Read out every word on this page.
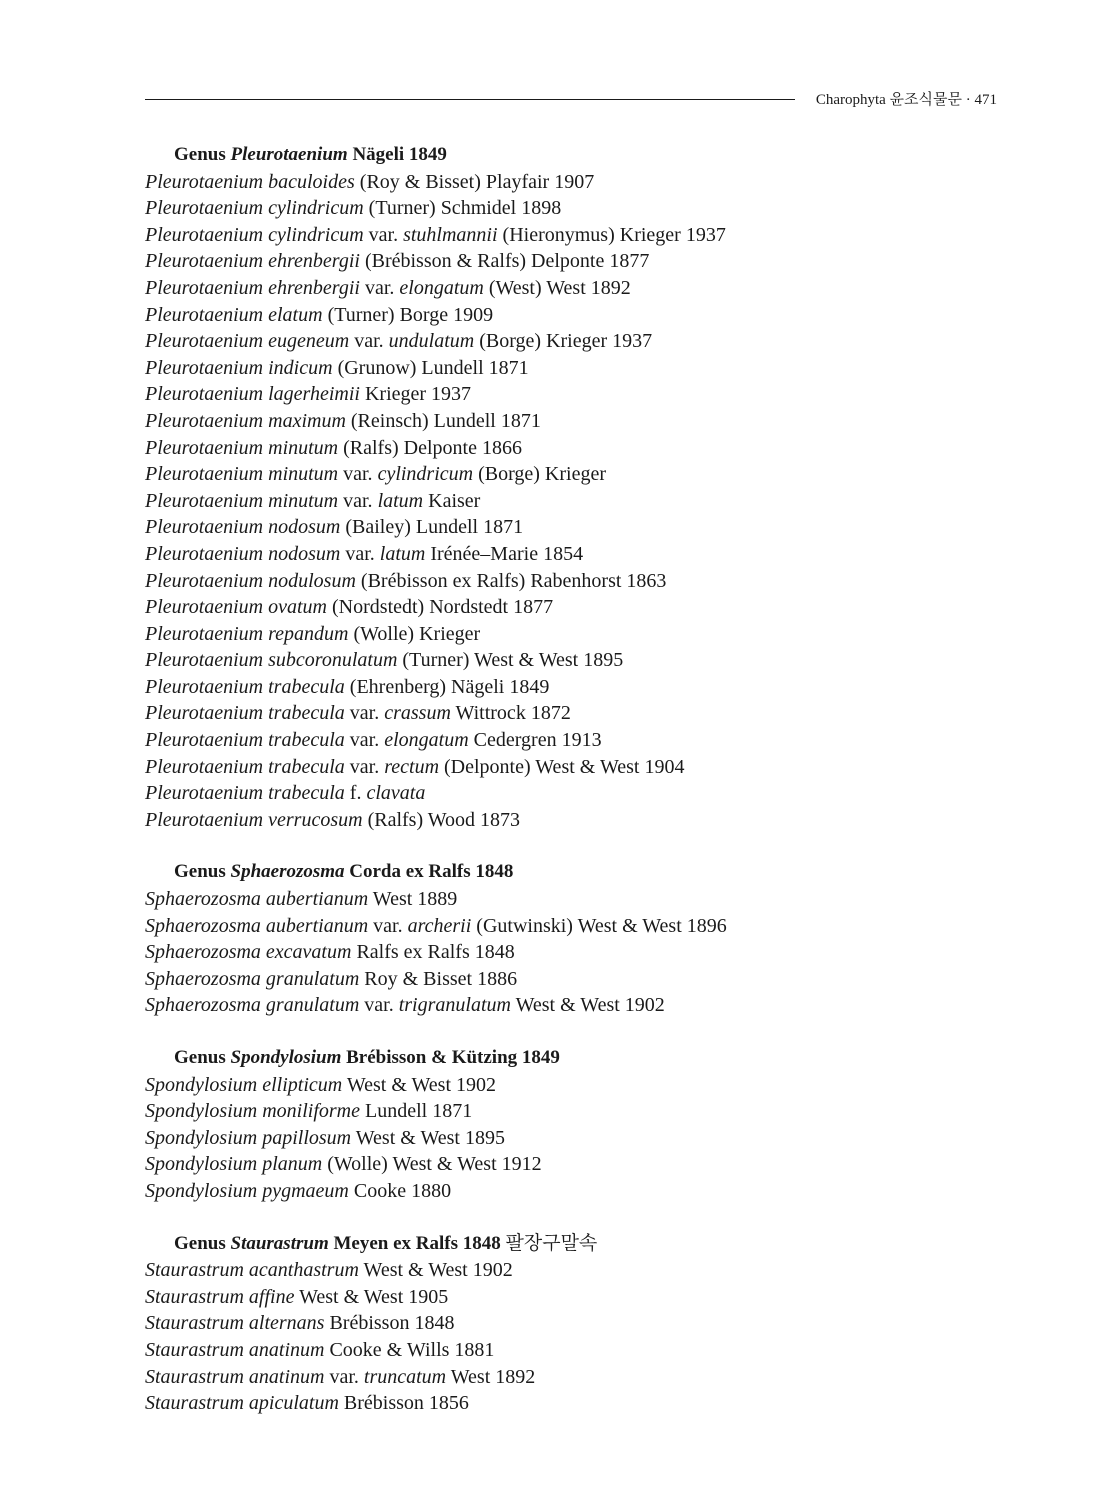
Charophyta 윤조식물문 · 471
Genus Pleurotaenium Nägeli 1849
Pleurotaenium baculoides (Roy & Bisset) Playfair 1907
Pleurotaenium cylindricum (Turner) Schmidel 1898
Pleurotaenium cylindricum var. stuhlmannii (Hieronymus) Krieger 1937
Pleurotaenium ehrenbergii (Brébisson & Ralfs) Delponte 1877
Pleurotaenium ehrenbergii var. elongatum (West) West 1892
Pleurotaenium elatum (Turner) Borge 1909
Pleurotaenium eugeneum var. undulatum (Borge) Krieger 1937
Pleurotaenium indicum (Grunow) Lundell 1871
Pleurotaenium lagerheimii Krieger 1937
Pleurotaenium maximum (Reinsch) Lundell 1871
Pleurotaenium minutum (Ralfs) Delponte 1866
Pleurotaenium minutum var. cylindricum (Borge) Krieger
Pleurotaenium minutum var. latum Kaiser
Pleurotaenium nodosum (Bailey) Lundell 1871
Pleurotaenium nodosum var. latum Irénée–Marie 1854
Pleurotaenium nodulosum (Brébisson ex Ralfs) Rabenhorst 1863
Pleurotaenium ovatum (Nordstedt) Nordstedt 1877
Pleurotaenium repandum (Wolle) Krieger
Pleurotaenium subcoronulatum (Turner) West & West 1895
Pleurotaenium trabecula (Ehrenberg) Nägeli 1849
Pleurotaenium trabecula var. crassum Wittrock 1872
Pleurotaenium trabecula var. elongatum Cedergren 1913
Pleurotaenium trabecula var. rectum (Delponte) West & West 1904
Pleurotaenium trabecula f. clavata
Pleurotaenium verrucosum (Ralfs) Wood 1873
Genus Sphaerozosma Corda ex Ralfs 1848
Sphaerozosma aubertianum West 1889
Sphaerozosma aubertianum var. archerii (Gutwinski) West & West 1896
Sphaerozosma excavatum Ralfs ex Ralfs 1848
Sphaerozosma granulatum Roy & Bisset 1886
Sphaerozosma granulatum var. trigranulatum West & West 1902
Genus Spondylosium Brébisson & Kützing 1849
Spondylosium ellipticum West & West 1902
Spondylosium moniliforme Lundell 1871
Spondylosium papillosum West & West 1895
Spondylosium planum (Wolle) West & West 1912
Spondylosium pygmaeum Cooke 1880
Genus Staurastrum Meyen ex Ralfs 1848 팔장구말속
Staurastrum acanthastrum West & West 1902
Staurastrum affine West & West 1905
Staurastrum alternans Brébisson 1848
Staurastrum anatinum Cooke & Wills 1881
Staurastrum anatinum var. truncatum West 1892
Staurastrum apiculatum Brébisson 1856
